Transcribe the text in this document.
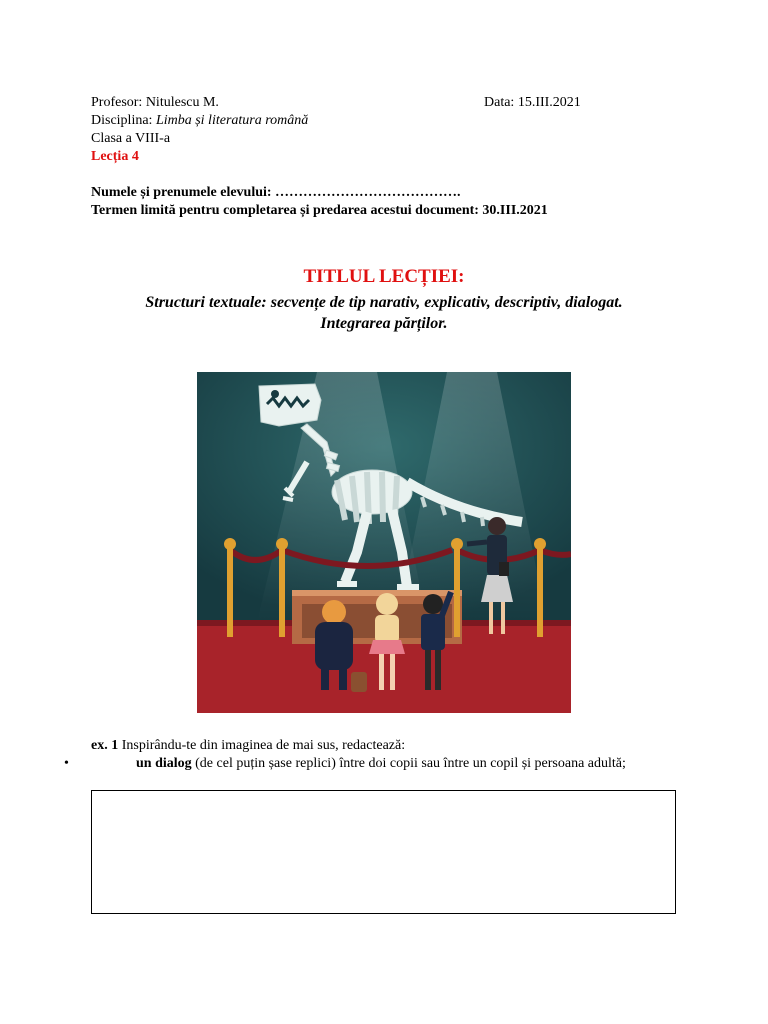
Profesor: Nitulescu M.	Data: 15.III.2021
Disciplina: Limba și literatura română
Clasa a VIII-a
Lecția 4
Numele și prenumele elevului: ………………………………….
Termen limită pentru completarea și predarea acestui document: 30.III.2021
TITLUL LECȚIEI:
Structuri textuale: secvențe de tip narativ, explicativ, descriptiv, dialogat.
Integrarea părților.
ex. 1 Inspirându-te din imaginea de mai sus, redactează:
•	un dialog (de cel puțin șase replici) între doi copii sau între un copil și persoana adultă;
